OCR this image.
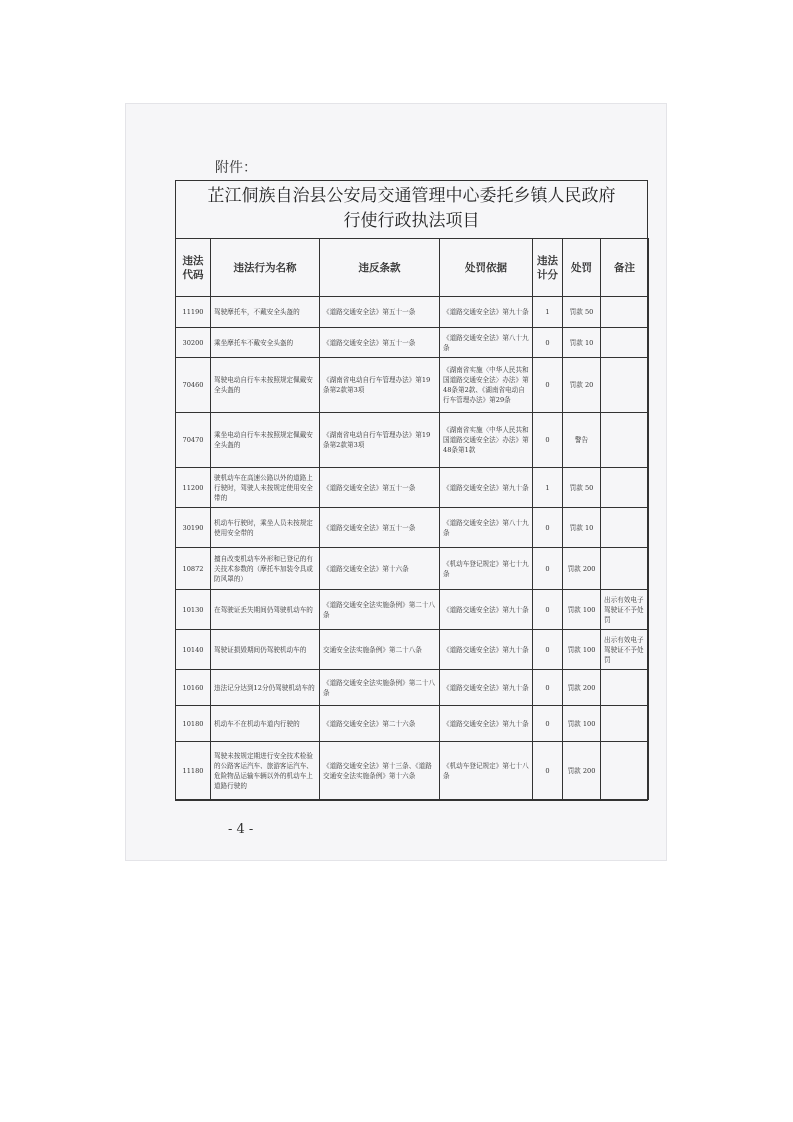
附件：
芷江侗族自治县公安局交通管理中心委托乡镇人民政府
行使行政执法项目
违法代码	违法行为名称	违反条款	处罚依据	违法计分	处罚	备注
11190	驾驶摩托车，不戴安全头盔的	《道路交通安全法》第五十一条	《道路交通安全法》第九十条	1	罚款 50	
30200	乘坐摩托车不戴安全头盔的	《道路交通安全法》第五十一条	《道路交通安全法》第八十九条	0	罚款 10	
70460	驾驶电动自行车未按照规定佩戴安全头盔的	《湖南省电动自行车管理办法》第19条第2款第3项	《湖南省实施〈中华人民共和国道路交通安全法〉办法》第48条第2款、《湖南省电动自行车管理办法》第29条	0	罚款 20	
70470	乘坐电动自行车未按照规定佩戴安全头盔的	《湖南省电动自行车管理办法》第19条第2款第3项	《湖南省实施〈中华人民共和国道路交通安全法〉办法》第48条第1款	0	警告	
11200	驶机动车在高速公路以外的道路上行驶时，驾驶人未按规定使用安全带的	《道路交通安全法》第五十一条	《道路交通安全法》第九十条	1	罚款 50	
30190	机动车行驶时，乘坐人员未按规定使用安全带的	《道路交通安全法》第五十一条	《道路交通安全法》第八十九条	0	罚款 10	
10872	擅自改变机动车外形和已登记的有关技术参数的（摩托车加装令具或防风罩的）	《道路交通安全法》第十六条	《机动车登记规定》第七十九条	0	罚款 200	
10130	在驾驶证丢失期间仍驾驶机动车的	《道路交通安全法实施条例》第二十八条	《道路交通安全法》第九十条	0	罚款 100	出示有效电子驾驶证不予处罚
10140	驾驶证损毁期间仍驾驶机动车的	交通安全法实施条例》第二十八条	《道路交通安全法》第九十条	0	罚款 100	出示有效电子驾驶证不予处罚
10160	违法记分达到12分仍驾驶机动车的	《道路交通安全法实施条例》第二十八条	《道路交通安全法》第九十条	0	罚款 200	
10180	机动车不在机动车道内行驶的	《道路交通安全法》第二十六条	《道路交通安全法》第九十条	0	罚款 100	
11180	驾驶未按规定期进行安全技术检验的公路客运汽车、旅游客运汽车、危险物品运输车辆以外的机动车上道路行驶的	《道路交通安全法》第十三条、《道路交通安全法实施条例》第十六条	《机动车登记规定》第七十八条	0	罚款 200	
- 4 -
